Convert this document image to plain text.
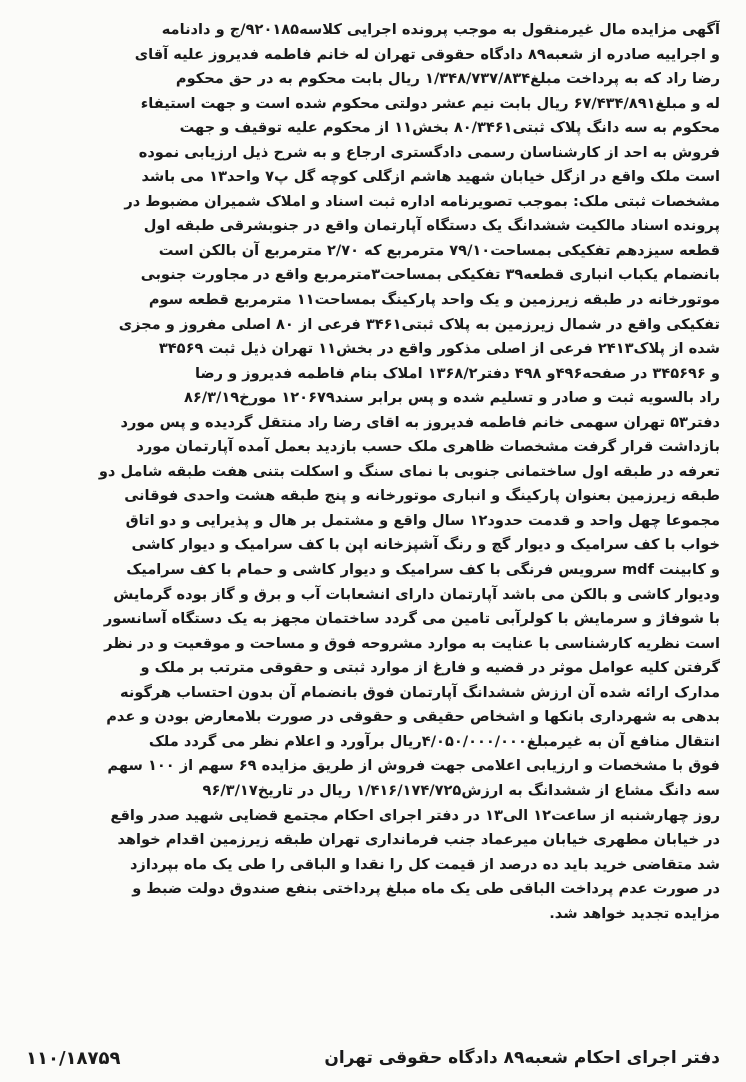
آگهی مزایده مال غیرمنقول به موجب پرونده اجرایی کلاسه۹۲۰۱۸۵/ج و دادنامه
و اجراییه صادره از شعبه۸۹ دادگاه حقوقی تهران له خانم فاطمه فدیروز علیه آقای
رضا راد که به پرداخت مبلغ۱/۳۴۸/۷۳۷/۸۳۴ ریال بابت محکوم به در حق محکوم
له و مبلغ۶۷/۴۳۴/۸۹۱ ریال بابت نیم عشر دولتی محکوم شده است و جهت استیفاء
محکوم به سه دانگ پلاک ثبتی۸۰/۳۴۶۱ بخش۱۱ از محکوم علیه توقیف و جهت
فروش به احد از کارشناسان رسمی دادگستری ارجاع و به شرح ذیل ارزیابی نموده
است ملک واقع در ازگل خیابان شهید هاشم ازگلی کوچه گل پ۷ واحد۱۳ می باشد
مشخصات ثبتی ملک: بموجب تصویرنامه اداره ثبت اسناد و املاک شمیران مضبوط در
پرونده اسناد مالکیت ششدانگ یک دستگاه آپارتمان واقع در جنوبشرقی طبقه اول
قطعه سیزدهم تفکیکی بمساحت۷۹/۱۰ مترمربع که ۲/۷۰ مترمربع آن بالکن است
بانضمام یکباب انباری قطعه۳۹ تفکیکی بمساحت۳مترمربع واقع در مجاورت جنوبی
موتورخانه در طبقه زیرزمین و یک واحد پارکینگ بمساحت۱۱ مترمربع قطعه سوم
تفکیکی واقع در شمال زیرزمین به پلاک ثبتی۳۴۶۱ فرعی از ۸۰ اصلی مفروز و مجزی
شده از پلاک۲۴۱۳ فرعی از اصلی مذکور واقع در بخش۱۱ تهران ذیل ثبت ۳۴۵۶۹
و ۳۴۵۶۹۶ در صفحه۴۹۶و ۴۹۸ دفتر۱۳۶۸/۲ املاک بنام فاطمه فدیروز و رضا
راد بالسویه ثبت و صادر و تسلیم شده و پس برابر سند۱۲۰۶۷۹ مورخ۸۶/۳/۱۹
دفتر۵۳ تهران سهمی خانم فاطمه فدیروز به اقای رضا راد منتقل گردیده و پس مورد
بازداشت قرار گرفت مشخصات ظاهری ملک حسب بازدید بعمل آمده آپارتمان مورد
تعرفه در طبقه اول ساختمانی جنوبی با نمای سنگ و اسکلت بتنی هفت طبقه شامل دو
طبقه زیرزمین بعنوان پارکینگ و انباری موتورخانه و پنج طبقه هشت واحدی فوقانی
مجموعا چهل واحد و قدمت حدود۱۲ سال واقع و مشتمل بر هال و پذیرایی و دو اتاق
خواب با کف سرامیک و دیوار گچ و رنگ آشپزخانه اپن با کف سرامیک و دیوار کاشی
و کابینت mdf سرویس فرنگی با کف سرامیک و دیوار کاشی و حمام با کف سرامیک
ودیوار کاشی و بالکن می باشد آپارتمان دارای انشعابات آب و برق و گاز بوده گرمایش
با شوفاژ و سرمایش با کولرآبی تامین می گردد ساختمان مجهز به یک دستگاه آسانسور
است نظریه کارشناسی با عنایت به موارد مشروحه فوق و مساحت و موقعیت و در نظر
گرفتن کلیه عوامل موثر در قضیه و فارغ از موارد ثبتی و حقوقی مترتب بر ملک و
مدارک ارائه شده آن ارزش ششدانگ آپارتمان فوق بانضمام آن بدون احتساب هرگونه
بدهی به شهرداری بانکها و اشخاص حقیقی و حقوقی در صورت بلامعارض بودن و عدم
انتقال منافع آن به غیرمبلغ۴/۰۵۰/۰۰۰/۰۰۰ریال برآورد و اعلام نظر می گردد ملک
فوق با مشخصات و ارزیابی اعلامی جهت فروش از طریق مزایده ۶۹ سهم از ۱۰۰ سهم
سه دانگ مشاع از ششدانگ به ارزش۱/۴۱۶/۱۷۴/۷۲۵ ریال در تاریخ۹۶/۳/۱۷
روز چهارشنبه از ساعت۱۲ الی۱۳ در دفتر اجرای احکام مجتمع قضایی شهید صدر واقع
در خیابان مطهری خیابان میرعماد جنب فرمانداری تهران طبقه زیرزمین اقدام خواهد
شد متقاضی خرید باید ده درصد از قیمت کل را نقدا و الباقی را طی یک ماه بپردازد
در صورت عدم پرداخت الباقی طی یک ماه مبلغ پرداختی بنفع صندوق دولت ضبط و
مزایده تجدید خواهد شد.
دفتر اجرای احکام شعبه۸۹ دادگاه حقوقی تهران
۱۱۰/۱۸۷۵۹
